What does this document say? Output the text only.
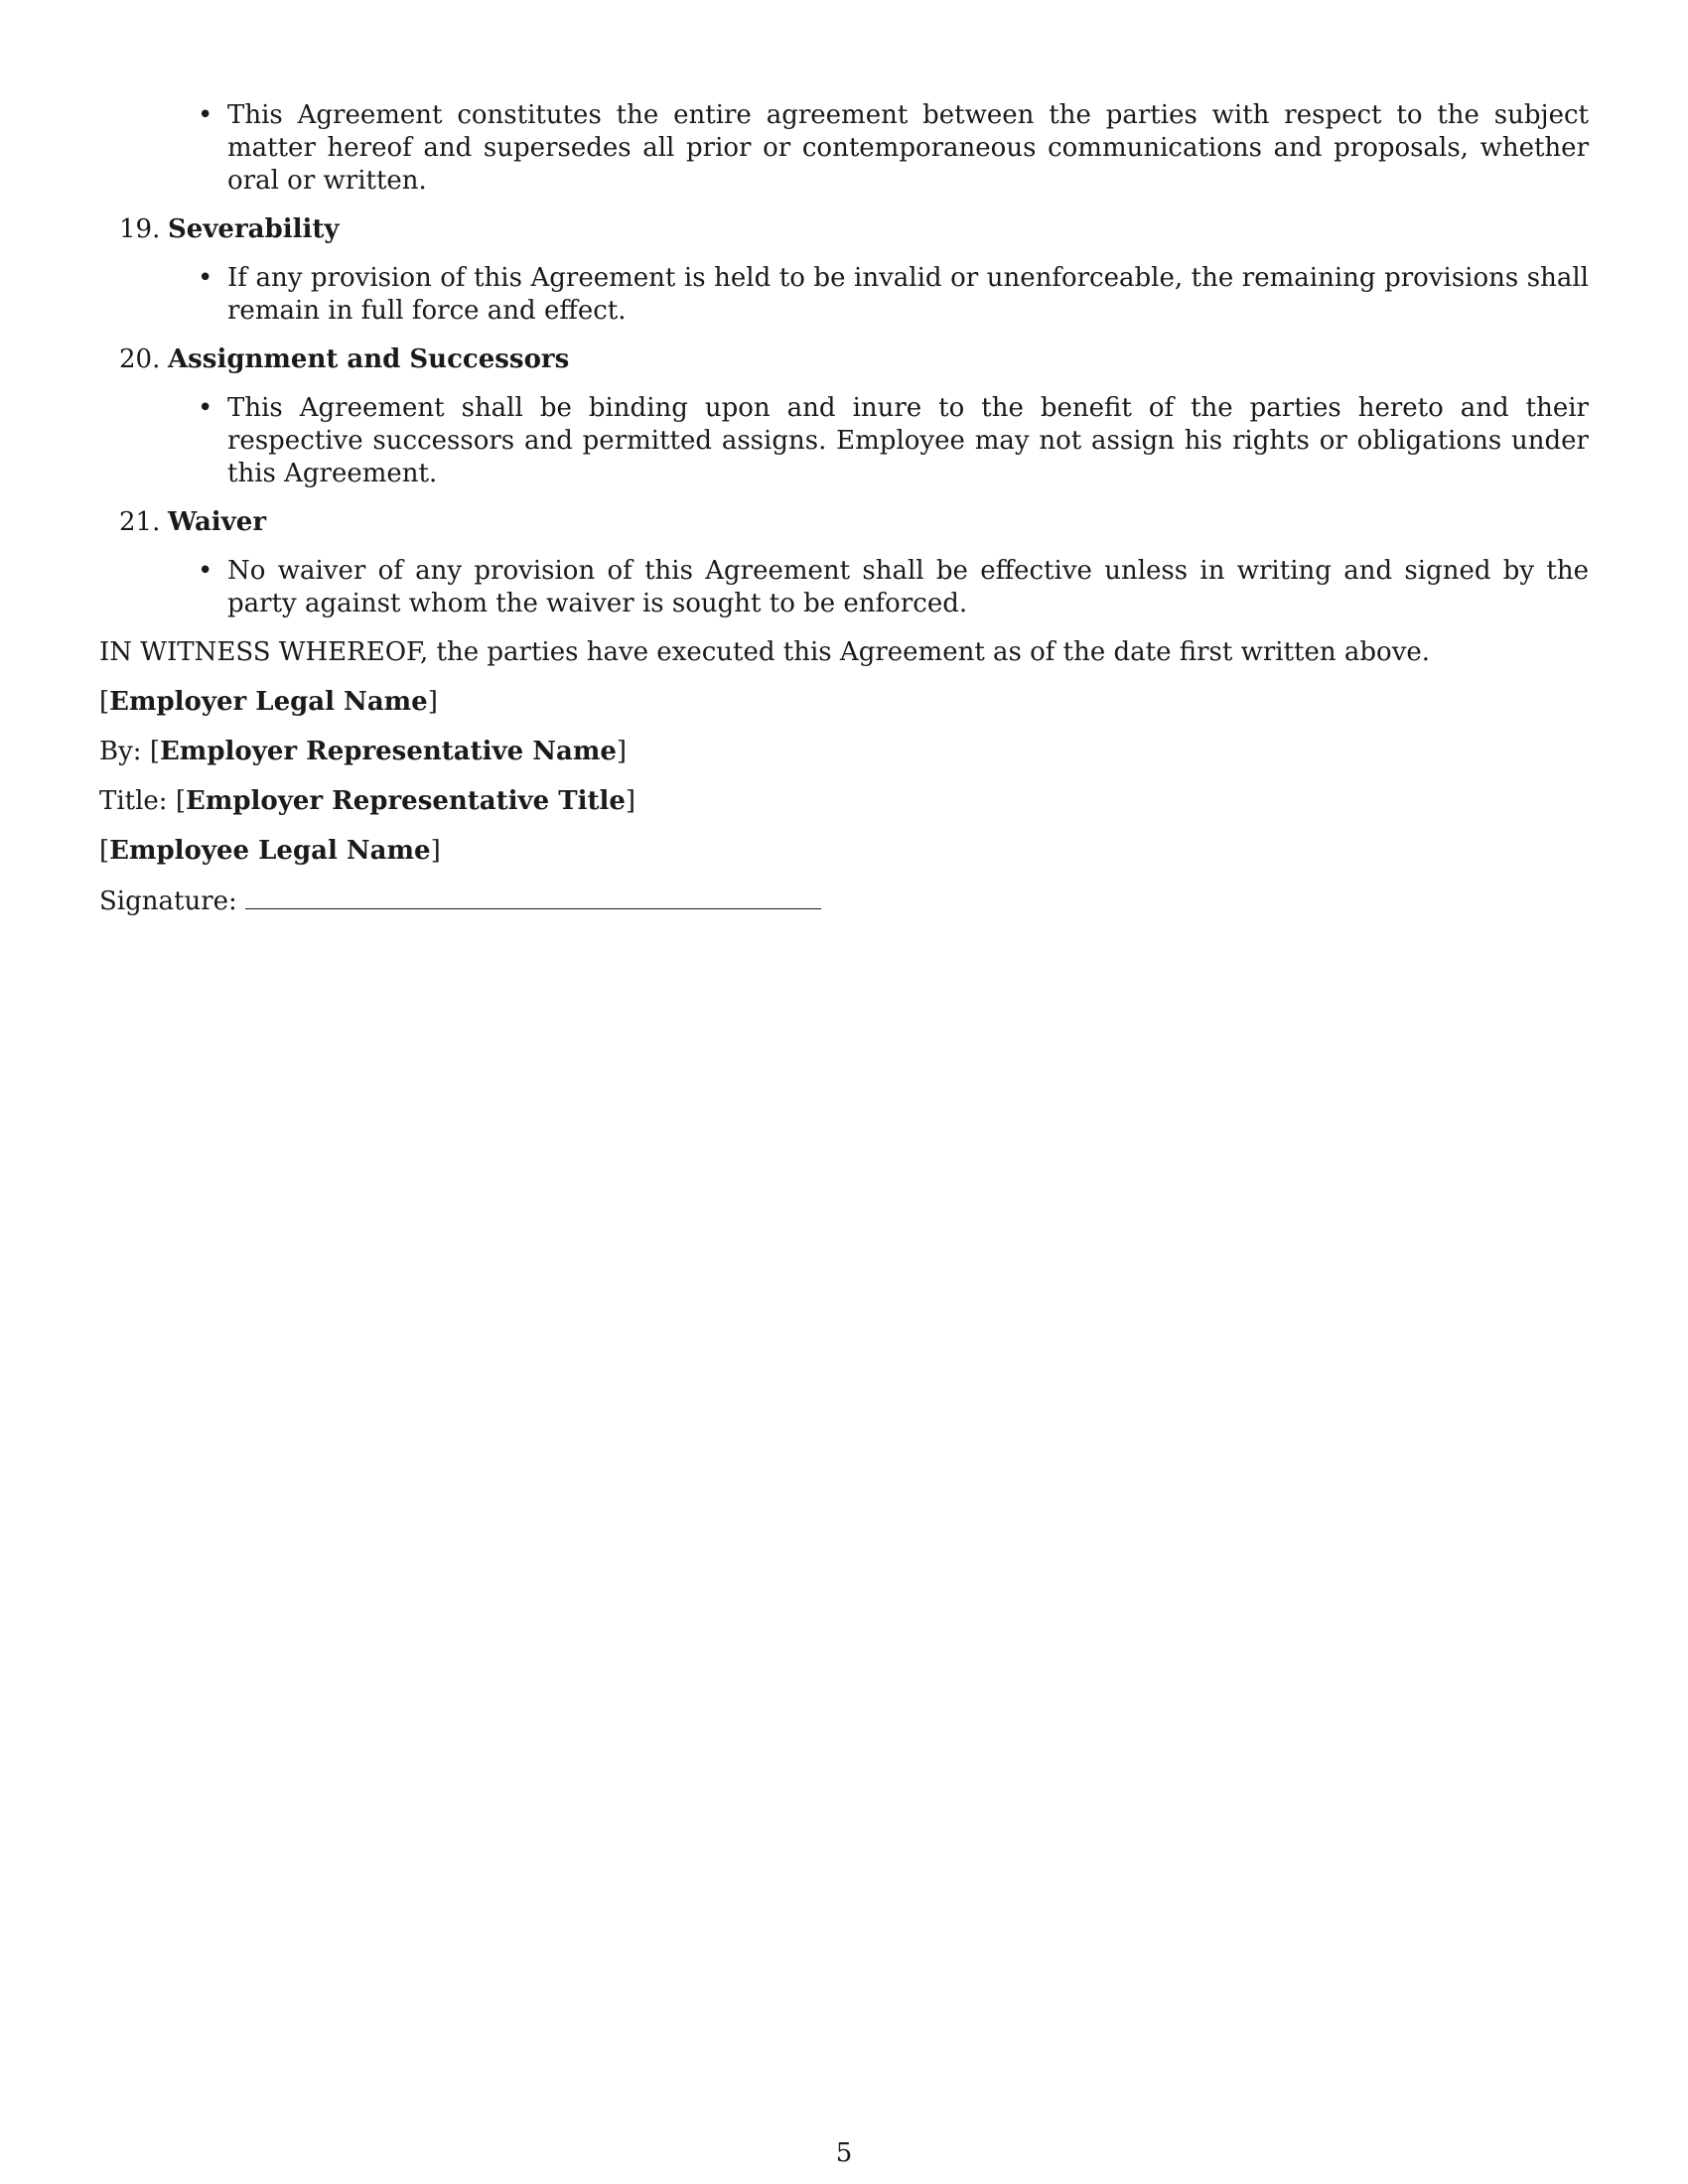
• This Agreement constitutes the entire agreement between the parties with respect to the subject matter hereof and supersedes all prior or contemporaneous communications and proposals, whether oral or written.
19. Severability
• If any provision of this Agreement is held to be invalid or unenforceable, the remaining provisions shall remain in full force and effect.
20. Assignment and Successors
• This Agreement shall be binding upon and inure to the benefit of the parties hereto and their respective successors and permitted assigns. Employee may not assign his rights or obligations under this Agreement.
21. Waiver
• No waiver of any provision of this Agreement shall be effective unless in writing and signed by the party against whom the waiver is sought to be enforced.
IN WITNESS WHEREOF, the parties have executed this Agreement as of the date first written above.
[Employer Legal Name]
By: [Employer Representative Name]
Title: [Employer Representative Title]
[Employee Legal Name]
Signature:
5
